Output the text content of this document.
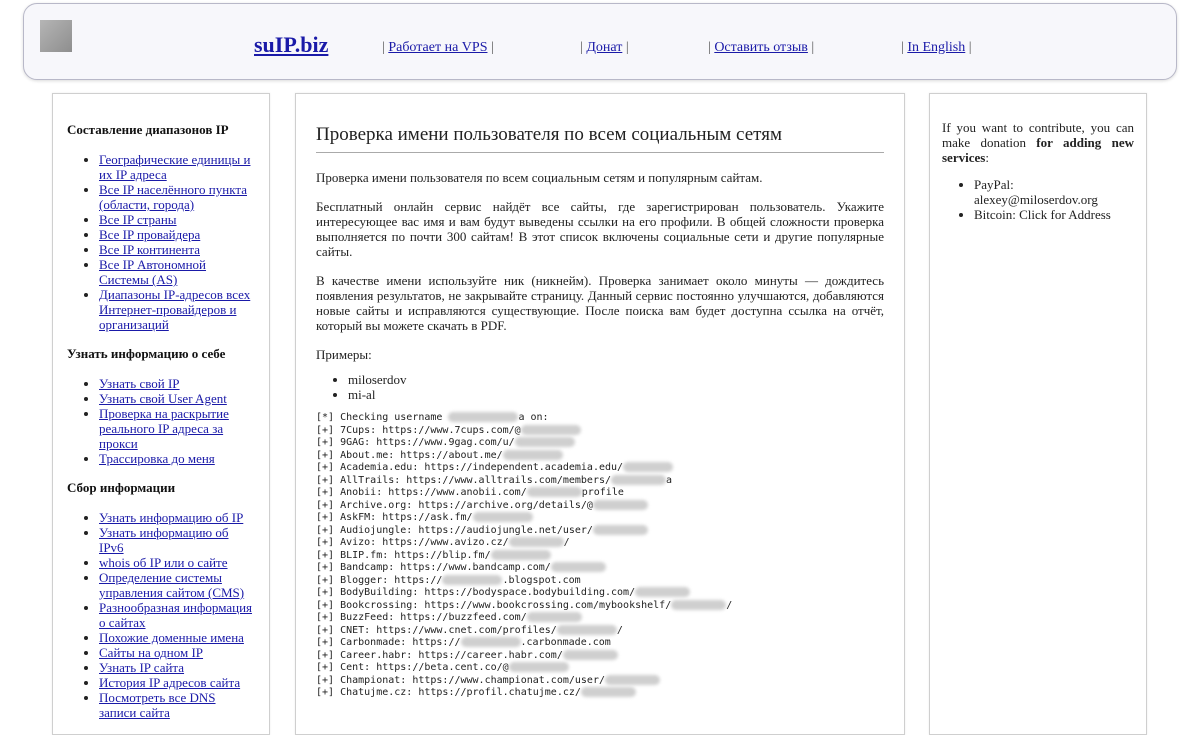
suIP.biz	| Работает на VPS |	| Донат |	| Оставить отзыв |	| In English |
Составление диапазонов IP
• Географические единицы и их IP адреса
• Все IP населённого пункта (области, города)
• Все IP страны
• Все IP провайдера
• Все IP континента
• Все IP Автономной Системы (AS)
• Диапазоны IP-адресов всех Интернет-провайдеров и организаций
Узнать информацию о себе
• Узнать свой IP
• Узнать свой User Agent
• Проверка на раскрытие реального IP адреса за прокси
• Трассировка до меня
Сбор информации
• Узнать информацию об IP
• Узнать информацию об IPv6
• whois об IP или о сайте
• Определение системы управления сайтом (CMS)
• Разнообразная информация о сайтах
• Похожие доменные имена
• Сайты на одном IP
• Узнать IP сайта
• История IP адресов сайта
• Посмотреть все DNS записи сайта
Проверка имени пользователя по всем социальным сетям

Проверка имени пользователя по всем социальным сетям и популярным сайтам.

Бесплатный онлайн сервис найдёт все сайты, где зарегистрирован пользователь. Укажите интересующее вас имя и вам будут выведены ссылки на его профили. В общей сложности проверка выполняется по почти 300 сайтам! В этот список включены социальные сети и другие популярные сайты.

В качестве имени используйте ник (никнейм). Проверка занимает около минуты — дождитесь появления результатов, не закрывайте страницу. Данный сервис постоянно улучшаются, добавляются новые сайты и исправляются существующие. После поиска вам будет доступна ссылка на отчёт, который вы можете скачать в PDF.

Примеры:

• miloserdov
• mi-al
[*] Checking username	a on:
[+] 7Cups: https://www.7cups.com/@
[+] 9GAG: https://www.9gag.com/u/
[+] About.me: https://about.me/
[+] Academia.edu: https://independent.academia.edu/
[+] AllTrails: https://www.alltrails.com/members/	a
[+] Anobii: https://www.anobii.com/	profile
[+] Archive.org: https://archive.org/details/@
[+] AskFM: https://ask.fm/
[+] Audiojungle: https://audiojungle.net/user/
[+] Avizo: https://www.avizo.cz/	/
[+] BLIP.fm: https://blip.fm/
[+] Bandcamp: https://www.bandcamp.com/
[+] Blogger: https://	.blogspot.com
[+] BodyBuilding: https://bodyspace.bodybuilding.com/
[+] Bookcrossing: https://www.bookcrossing.com/mybookshelf/	/
[+] BuzzFeed: https://buzzfeed.com/
[+] CNET: https://www.cnet.com/profiles/	/
[+] Carbonmade: https://	.carbonmade.com
[+] Career.habr: https://career.habr.com/
[+] Cent: https://beta.cent.co/@
[+] Championat: https://www.championat.com/user/
[+] Chatujme.cz: https://profil.chatujme.cz/
If you want to contribute, you can make donation for adding new services:
• PayPal: alexey@miloserdov.org
• Bitcoin: Click for Address
